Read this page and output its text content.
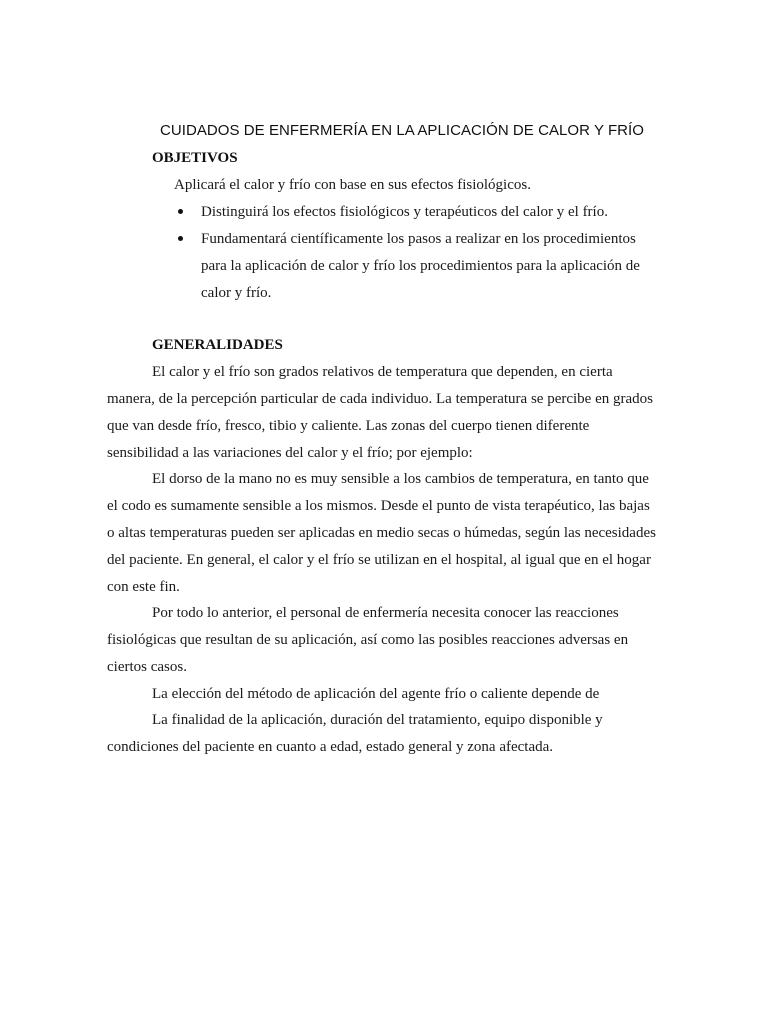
CUIDADOS DE ENFERMERÍA EN LA APLICACIÓN DE CALOR Y FRÍO
OBJETIVOS
Aplicará el calor y frío con base en sus efectos fisiológicos.
Distinguirá los efectos fisiológicos y terapéuticos del calor y el frío.
Fundamentará científicamente los pasos a realizar en los procedimientos
para la aplicación de calor y frío los procedimientos para la aplicación de
calor y frío.
GENERALIDADES
El calor y el frío son grados relativos de temperatura que dependen, en cierta
manera, de la percepción particular de cada individuo. La temperatura se percibe en grados
que van desde frío, fresco, tibio y caliente. Las zonas del cuerpo tienen diferente
sensibilidad a las variaciones del calor y el frío; por ejemplo:
El dorso de la mano no es muy sensible a los cambios de temperatura, en tanto que
el codo es sumamente sensible a los mismos. Desde el punto de vista terapéutico, las bajas
o altas temperaturas pueden ser aplicadas en medio secas o húmedas, según las necesidades
del paciente. En general, el calor y el frío se utilizan en el hospital, al igual que en el hogar
con este fin.
Por todo lo anterior, el personal de enfermería necesita conocer las reacciones
fisiológicas que resultan de su aplicación, así como las posibles reacciones adversas en
ciertos casos.
La elección del método de aplicación del agente frío o caliente depende de
La finalidad de la aplicación, duración del tratamiento, equipo disponible y
condiciones del paciente en cuanto a edad, estado general y zona afectada.
